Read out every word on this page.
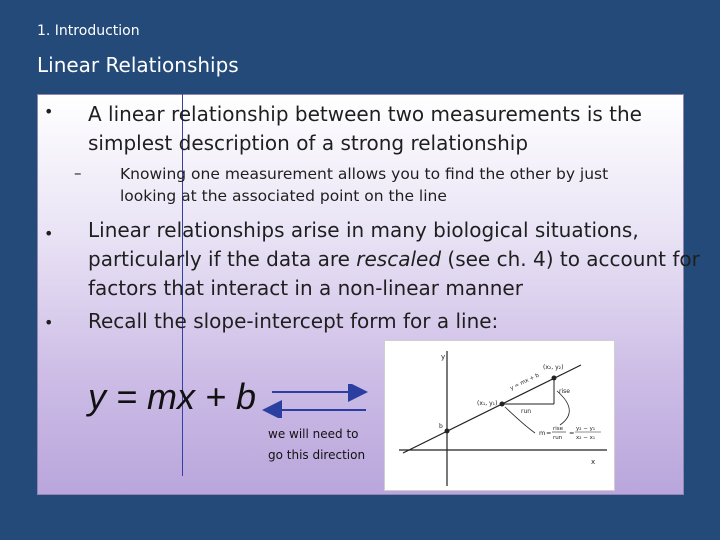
1. Introduction
Linear Relationships
• A linear relationship between two measurements is the
simplest description of a strong relationship
– Knowing one measurement allows you to find the other by just
looking at the associated point on the line
• Linear relationships arise in many biological situations,
particularly if the data are rescaled (see ch. 4) to account for
factors that interact in a non-linear manner
• Recall the slope-intercept form for a line:
y = mx + b
we will need to
go this direction
y
x
(x₂, y₂)
(x₁, y₁)
y = mx + b	rise
run
b
m = rise
run
= y₂ − y₁
x₂ − x₁
